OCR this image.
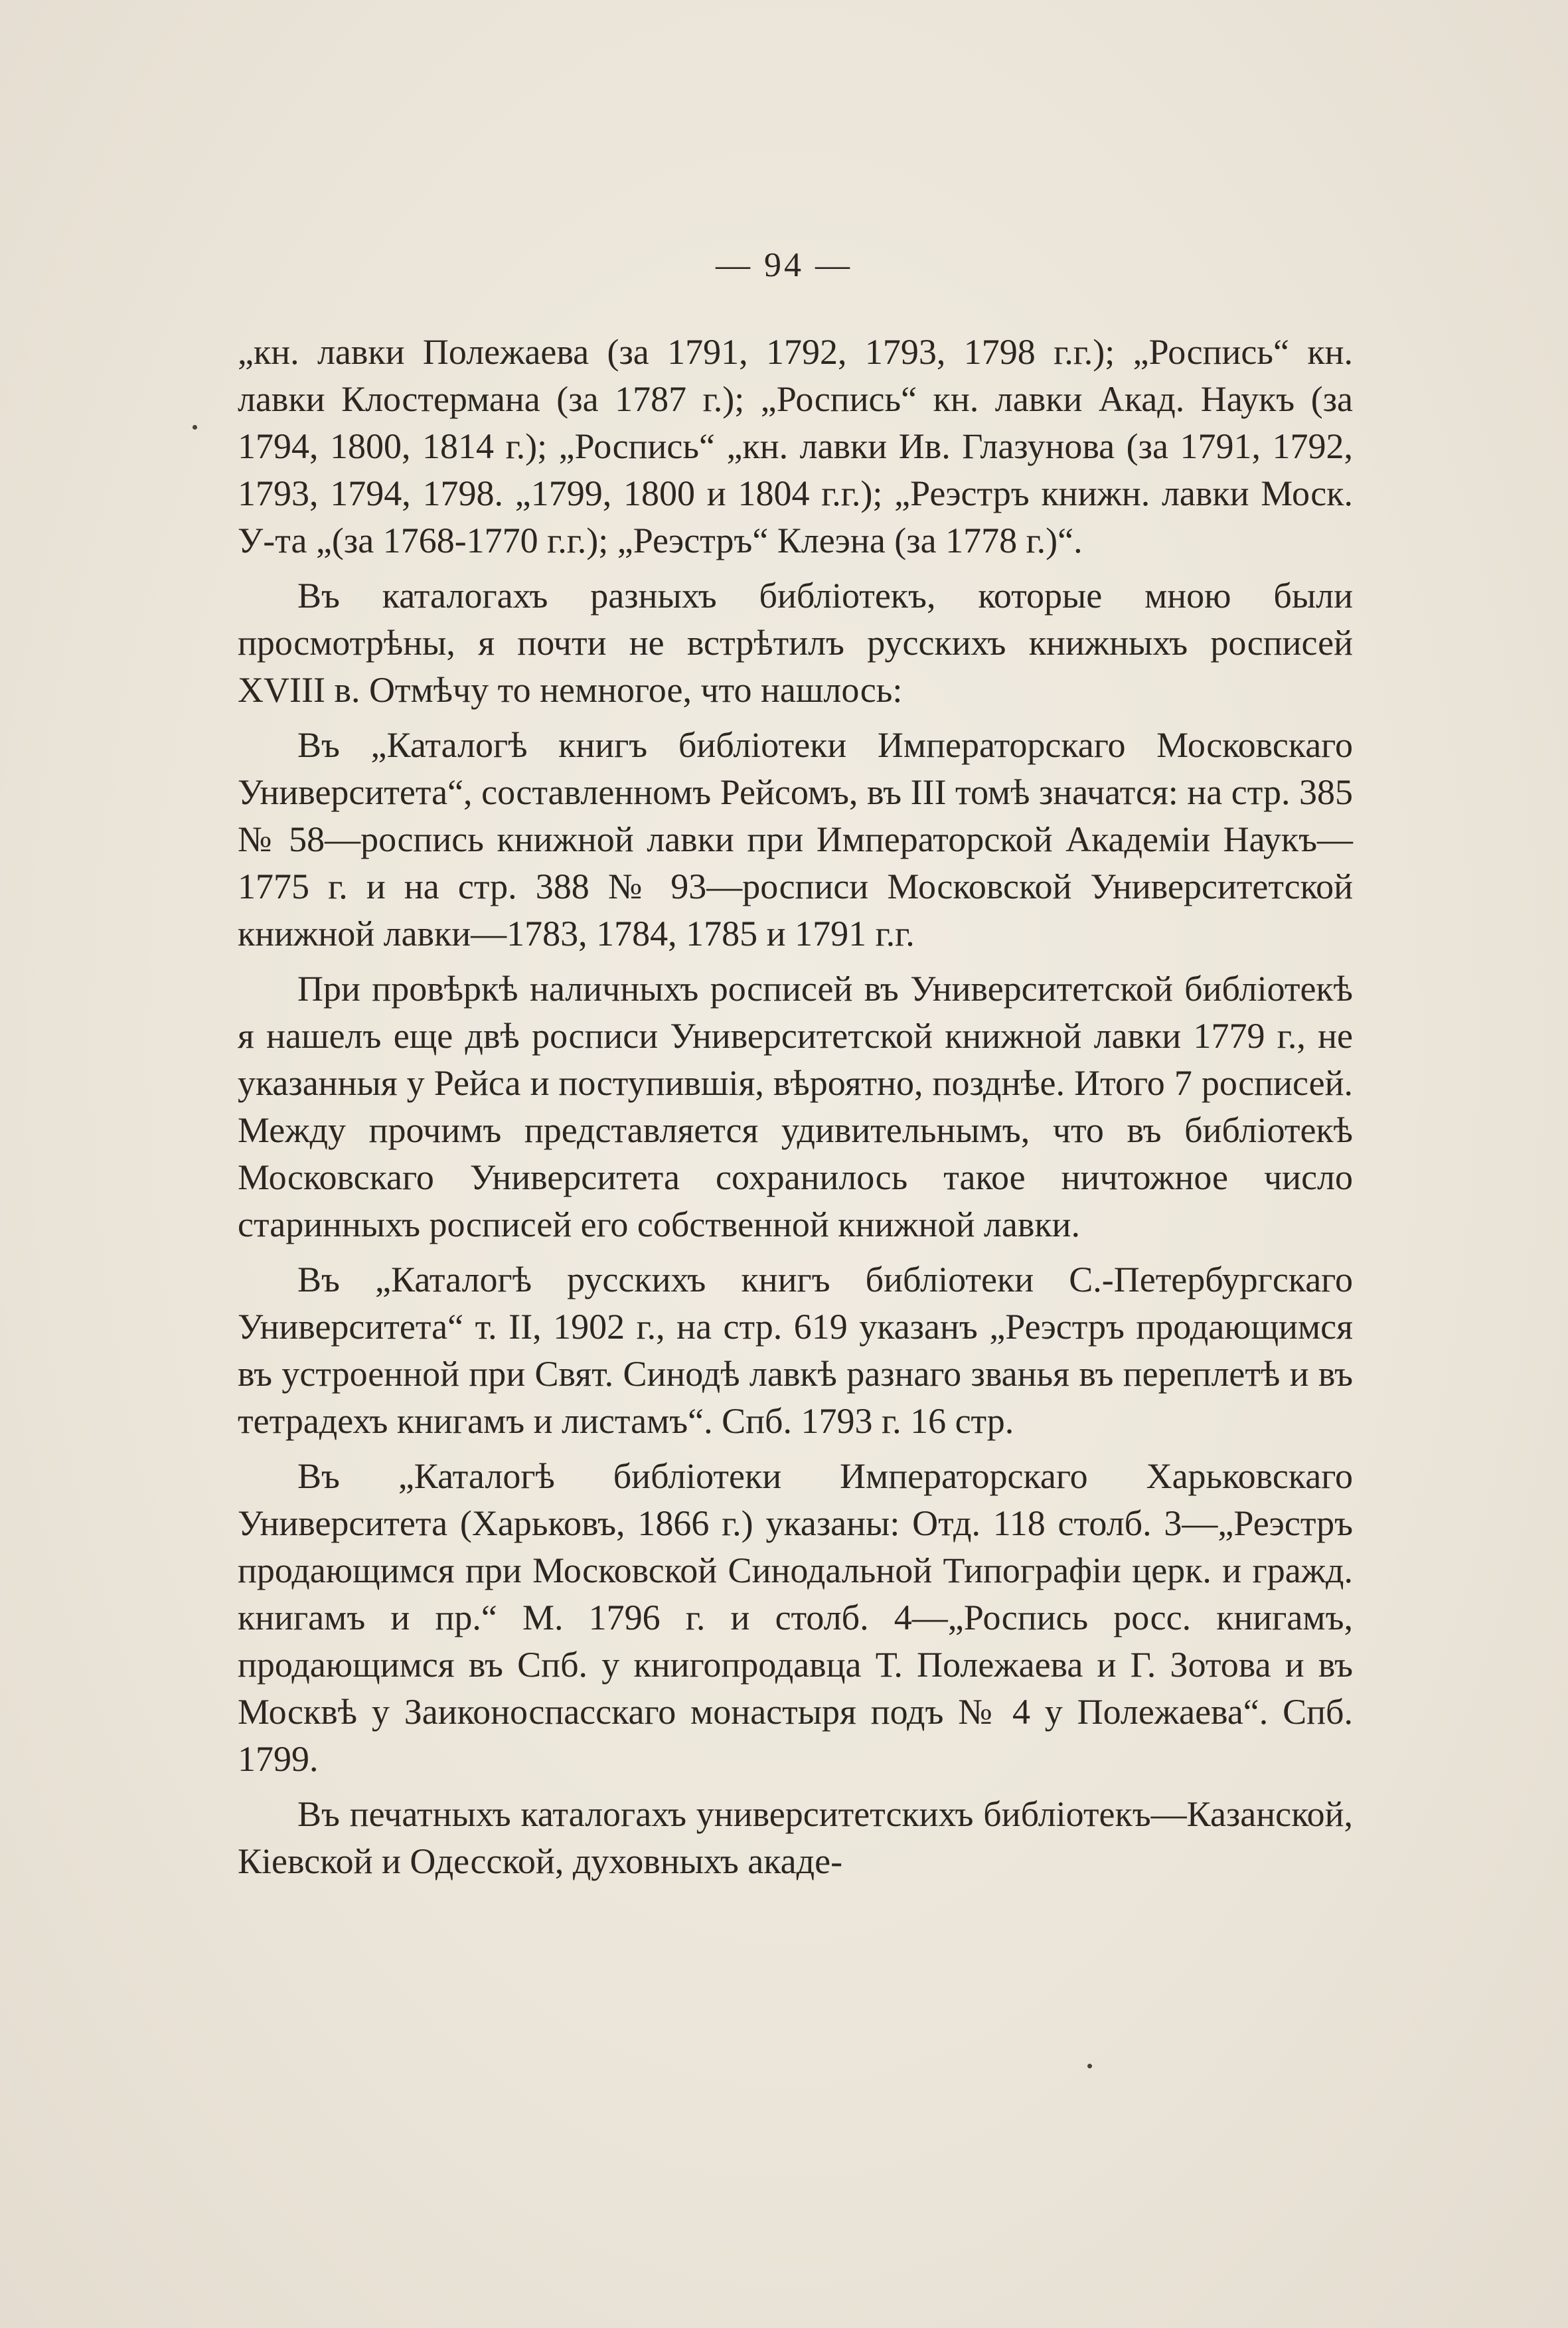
— 94 —

„кн. лавки Полежаева (за 1791, 1792, 1793, 1798 г.г.); „Роспись“ кн. лавки Клостермана (за 1787 г.); „Роспись“ кн. лавки Акад. Наукъ (за 1794, 1800, 1814 г.); „Роспись“ „кн. лавки Ив. Глазунова (за 1791, 1792, 1793, 1794, 1798. „1799, 1800 и 1804 г.г.); „Реэстръ книжн. лавки Моск. У-та „(за 1768-1770 г.г.); „Реэстръ“ Клеэна (за 1778 г.)“.

Въ каталогахъ разныхъ библіотекъ, которые мною были просмотрѣны, я почти не встрѣтилъ русскихъ книжныхъ росписей XVIII в. Отмѣчу то немногое, что нашлось:

Въ „Каталогѣ книгъ библіотеки Императорскаго Московскаго Университета“, составленномъ Рейсомъ, въ III томѣ значатся: на стр. 385 № 58—роспись книжной лавки при Императорской Академіи Наукъ—1775 г. и на стр. 388 № 93—росписи Московской Университетской книжной лавки—1783, 1784, 1785 и 1791 г.г.

При провѣркѣ наличныхъ росписей въ Университетской библіотекѣ я нашелъ еще двѣ росписи Университетской книжной лавки 1779 г., не указанныя у Рейса и поступившія, вѣроятно, позднѣе. Итого 7 росписей. Между прочимъ представляется удивительнымъ, что въ библіотекѣ Московскаго Университета сохранилось такое ничтожное число старинныхъ росписей его собственной книжной лавки.

Въ „Каталогѣ русскихъ книгъ библіотеки С.-Петербургскаго Университета“ т. II, 1902 г., на стр. 619 указанъ „Реэстръ продающимся въ устроенной при Свят. Синодѣ лавкѣ разнаго званья въ переплетѣ и въ тетрадехъ книгамъ и листамъ“. Спб. 1793 г. 16 стр.

Въ „Каталогѣ библіотеки Императорскаго Харьковскаго Университета (Харьковъ, 1866 г.) указаны: Отд. 118 столб. 3—„Реэстръ продающимся при Московской Синодальной Типографіи церк. и гражд. книгамъ и пр.“ М. 1796 г. и столб. 4—„Роспись росс. книгамъ, продающимся въ Спб. у книгопродавца Т. Полежаева и Г. Зотова и въ Москвѣ у Заиконоспасскаго монастыря подъ № 4 у Полежаева“. Спб. 1799.

Въ печатныхъ каталогахъ университетскихъ библіотекъ—Казанской, Кіевской и Одесской, духовныхъ акаде-
